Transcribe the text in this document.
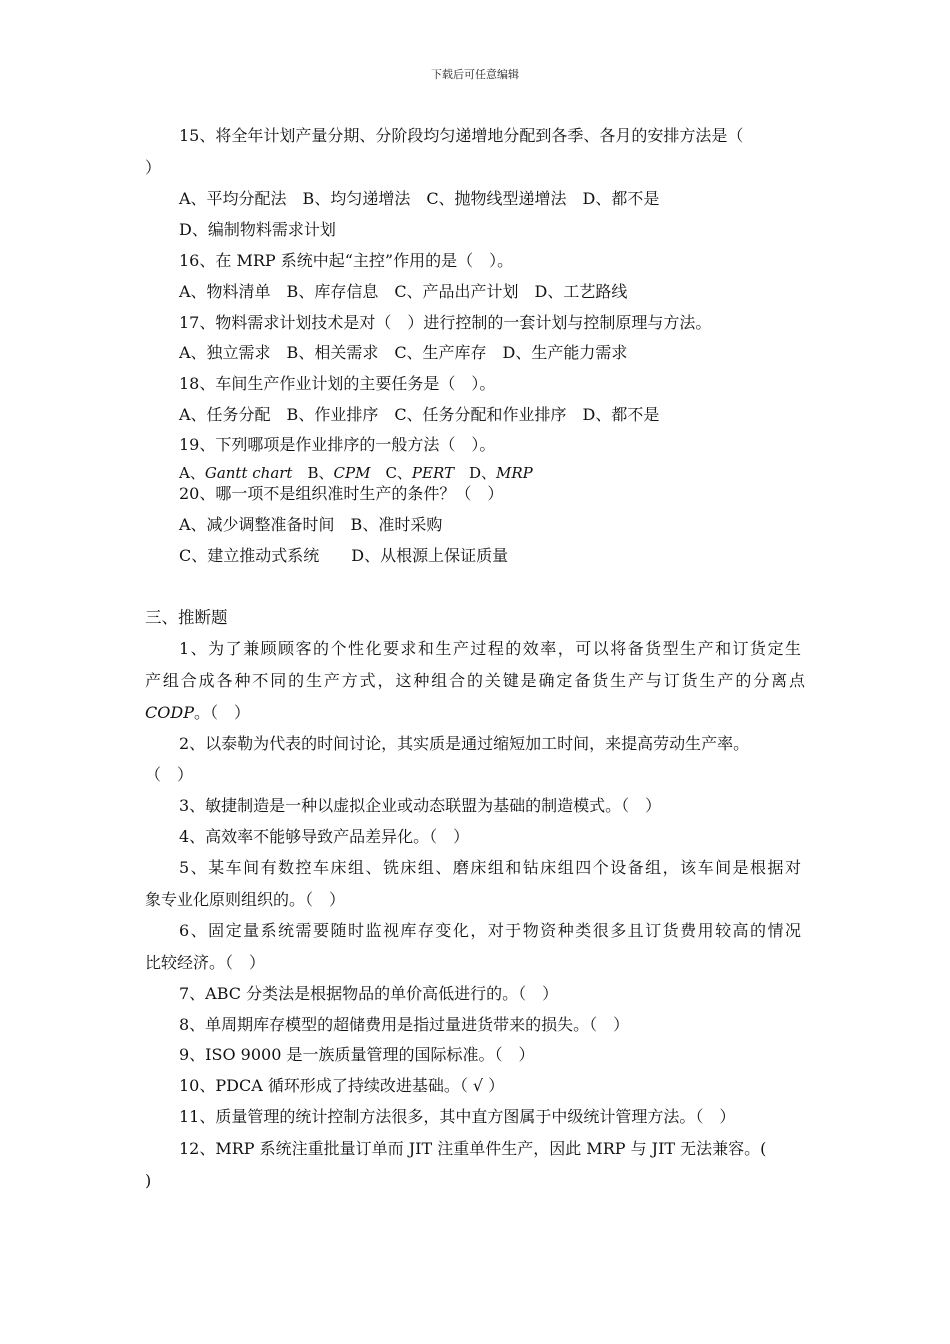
下载后可任意编辑
15、将全年计划产量分期、分阶段均匀递增地分配到各季、各月的安排方法是（
）
A、平均分配法　B、均匀递增法　C、抛物线型递增法　D、都不是
D、编制物料需求计划
16、在 MRP 系统中起“主控”作用的是（　）。
A、物料清单　B、库存信息　C、产品出产计划　D、工艺路线
17、物料需求计划技术是对（　）进行控制的一套计划与控制原理与方法。
A、独立需求　B、相关需求　C、生产库存　D、生产能力需求
18、车间生产作业计划的主要任务是（　）。
A、任务分配　B、作业排序　C、任务分配和作业排序　D、都不是
19、下列哪项是作业排序的一般方法（　）。
A、Gantt chart　B、CPM　C、PERT　D、MRP
20、哪一项不是组织准时生产的条件？（　）
A、减少调整准备时间　B、准时采购
C、建立推动式系统　　D、从根源上保证质量
三、推断题
1、为了兼顾顾客的个性化要求和生产过程的效率，可以将备货型生产和订货定生
产组合成各种不同的生产方式，这种组合的关键是确定备货生产与订货生产的分离点
CODP。（　）
2、以泰勒为代表的时间讨论，其实质是通过缩短加工时间，来提高劳动生产率。
（　）
3、敏捷制造是一种以虚拟企业或动态联盟为基础的制造模式。（　）
4、高效率不能够导致产品差异化。（　）
5、某车间有数控车床组、铣床组、磨床组和钻床组四个设备组，该车间是根据对
象专业化原则组织的。（　）
6、固定量系统需要随时监视库存变化，对于物资种类很多且订货费用较高的情况
比较经济。（　）
7、ABC 分类法是根据物品的单价高低进行的。（　）
8、单周期库存模型的超储费用是指过量进货带来的损失。（　）
9、ISO 9000 是一族质量管理的国际标准。（　）
10、PDCA 循环形成了持续改进基础。（ √ ）
11、质量管理的统计控制方法很多，其中直方图属于中级统计管理方法。（　）
12、MRP 系统注重批量订单而 JIT 注重单件生产，因此 MRP 与 JIT 无法兼容。(
)
